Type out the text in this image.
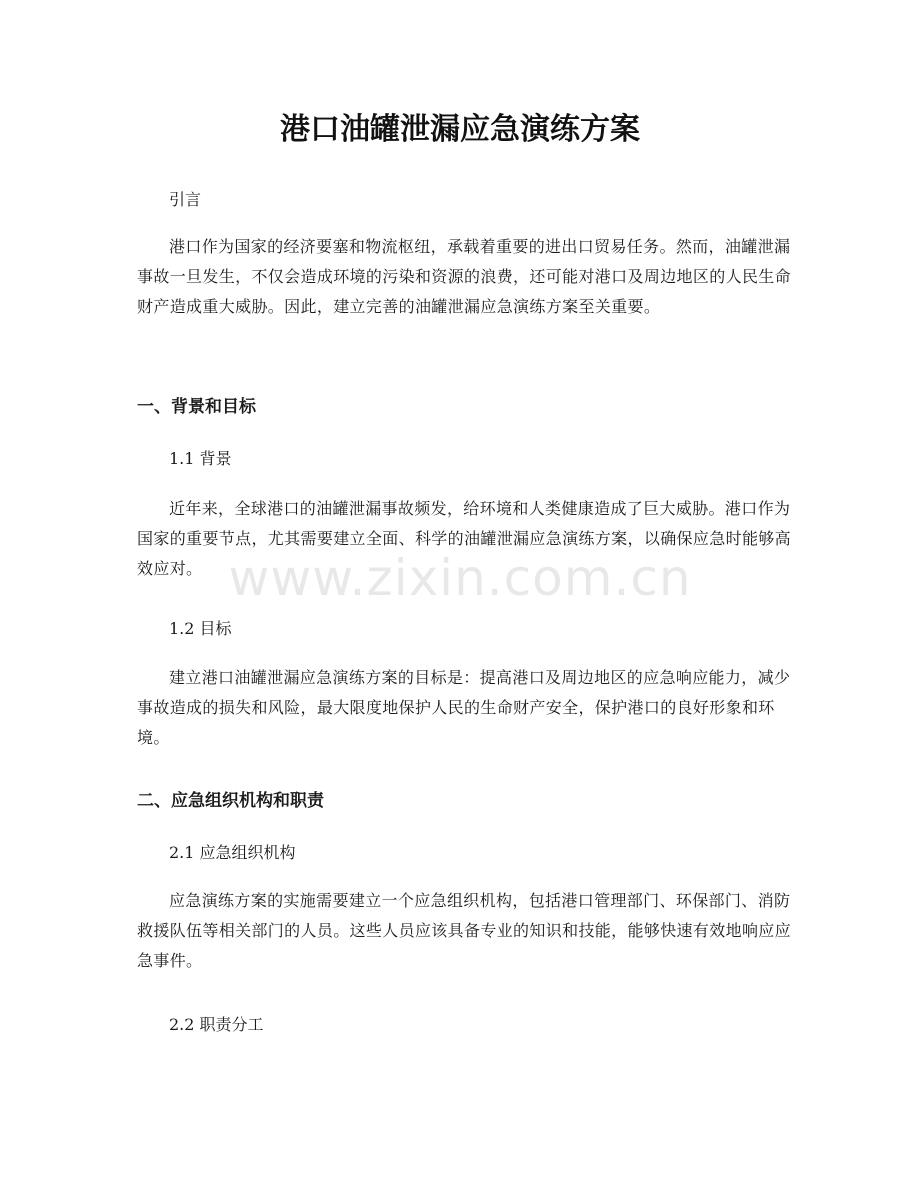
港口油罐泄漏应急演练方案
www.zixin.com.cn

引言

港口作为国家的经济要塞和物流枢纽，承载着重要的进出口贸易任务。然而，油罐泄漏事故一旦发生，不仅会造成环境的污染和资源的浪费，还可能对港口及周边地区的人民生命财产造成重大威胁。因此，建立完善的油罐泄漏应急演练方案至关重要。

一、背景和目标

1.1 背景

近年来，全球港口的油罐泄漏事故频发，给环境和人类健康造成了巨大威胁。港口作为国家的重要节点，尤其需要建立全面、科学的油罐泄漏应急演练方案，以确保应急时能够高效应对。

1.2 目标

建立港口油罐泄漏应急演练方案的目标是：提高港口及周边地区的应急响应能力，减少事故造成的损失和风险，最大限度地保护人民的生命财产安全，保护港口的良好形象和环境。

二、应急组织机构和职责

2.1 应急组织机构

应急演练方案的实施需要建立一个应急组织机构，包括港口管理部门、环保部门、消防救援队伍等相关部门的人员。这些人员应该具备专业的知识和技能，能够快速有效地响应应急事件。

2.2 职责分工
